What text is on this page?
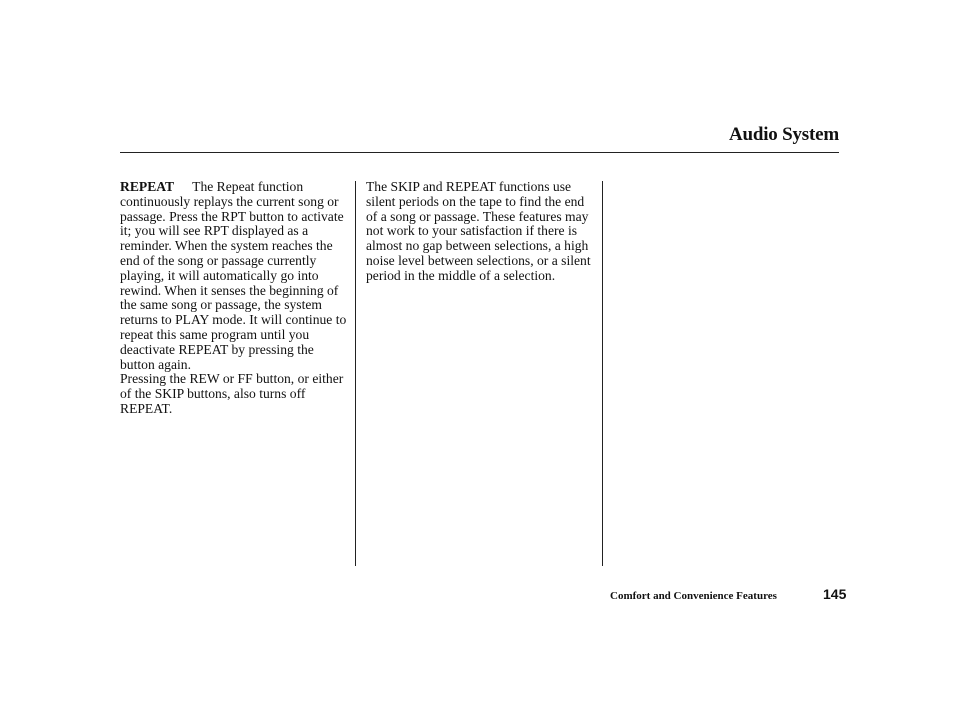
Audio System

REPEAT The Repeat function continuously replays the current song or passage. Press the RPT button to activate it; you will see RPT displayed as a reminder. When the system reaches the end of the song or passage currently playing, it will automatically go into rewind. When it senses the beginning of the same song or passage, the system returns to PLAY mode. It will continue to repeat this same program until you deactivate REPEAT by pressing the button again.

Pressing the REW or FF button, or either of the SKIP buttons, also turns off REPEAT.

The SKIP and REPEAT functions use silent periods on the tape to find the end of a song or passage. These features may not work to your satisfaction if there is almost no gap between selections, a high noise level between selections, or a silent period in the middle of a selection.

Comfort and Convenience Features	145
